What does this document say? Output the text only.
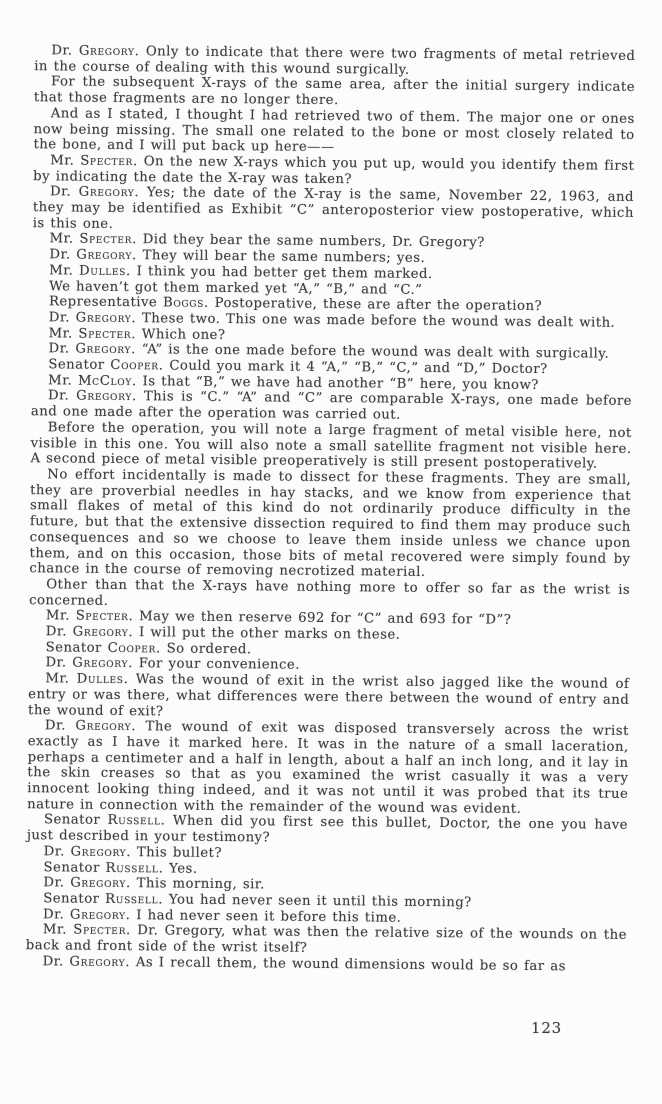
Dr. Gregory. Only to indicate that there were two fragments of metal retrieved in the course of dealing with this wound surgically.

For the subsequent X-rays of the same area, after the initial surgery indicate that those fragments are no longer there.

And as I stated, I thought I had retrieved two of them. The major one or ones now being missing. The small one related to the bone or most closely related to the bone, and I will put back up here——

Mr. Specter. On the new X-rays which you put up, would you identify them first by indicating the date the X-ray was taken?

Dr. Gregory. Yes; the date of the X-ray is the same, November 22, 1963, and they may be identified as Exhibit “C” anteroposterior view postoperative, which is this one.

Mr. Specter. Did they bear the same numbers, Dr. Gregory?

Dr. Gregory. They will bear the same numbers; yes.

Mr. Dulles. I think you had better get them marked.

We haven’t got them marked yet “A,” “B,” and “C.”

Representative Boggs. Postoperative, these are after the operation?

Dr. Gregory. These two. This one was made before the wound was dealt with.

Mr. Specter. Which one?

Dr. Gregory. “A” is the one made before the wound was dealt with surgically.

Senator Cooper. Could you mark it 4 “A,” “B,” “C,” and “D,” Doctor?

Mr. McCloy. Is that “B,” we have had another “B” here, you know?

Dr. Gregory. This is “C.” “A” and “C” are comparable X-rays, one made before and one made after the operation was carried out.

Before the operation, you will note a large fragment of metal visible here, not visible in this one. You will also note a small satellite fragment not visible here. A second piece of metal visible preoperatively is still present postoperatively.

No effort incidentally is made to dissect for these fragments. They are small, they are proverbial needles in hay stacks, and we know from experience that small flakes of metal of this kind do not ordinarily produce difficulty in the future, but that the extensive dissection required to find them may produce such consequences and so we choose to leave them inside unless we chance upon them, and on this occasion, those bits of metal recovered were simply found by chance in the course of removing necrotized material.

Other than that the X-rays have nothing more to offer so far as the wrist is concerned.

Mr. Specter. May we then reserve 692 for “C” and 693 for “D”?

Dr. Gregory. I will put the other marks on these.

Senator Cooper. So ordered.

Dr. Gregory. For your convenience.

Mr. Dulles. Was the wound of exit in the wrist also jagged like the wound of entry or was there, what differences were there between the wound of entry and the wound of exit?

Dr. Gregory. The wound of exit was disposed transversely across the wrist exactly as I have it marked here. It was in the nature of a small laceration, perhaps a centimeter and a half in length, about a half an inch long, and it lay in the skin creases so that as you examined the wrist casually it was a very innocent looking thing indeed, and it was not until it was probed that its true nature in connection with the remainder of the wound was evident.

Senator Russell. When did you first see this bullet, Doctor, the one you have just described in your testimony?

Dr. Gregory. This bullet?

Senator Russell. Yes.

Dr. Gregory. This morning, sir.

Senator Russell. You had never seen it until this morning?

Dr. Gregory. I had never seen it before this time.

Mr. Specter. Dr. Gregory, what was then the relative size of the wounds on the back and front side of the wrist itself?

Dr. Gregory. As I recall them, the wound dimensions would be so far as

123
